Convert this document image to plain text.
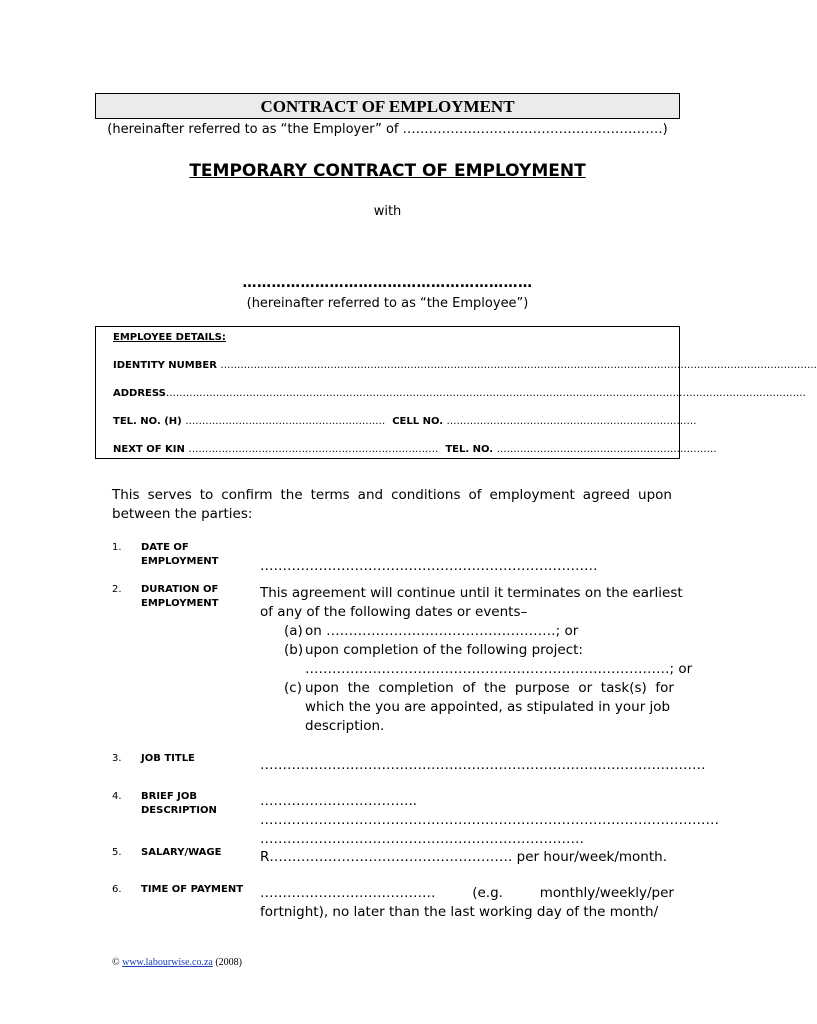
CONTRACT OF EMPLOYMENT
(hereinafter referred to as “the Employer” of ……………………………………………………)
TEMPORARY CONTRACT OF EMPLOYMENT
with
……………………………………………………
(hereinafter referred to as “the Employee”)
EMPLOYEE DETAILS:
IDENTITY NUMBER ……………………………………………………………………………………………………………………………………………………………..
ADDRESS…………………………………………………………………………………………………………………………………………………………………………
TEL. NO. (H) …………………………………………………… CELL NO. …………………………………………………………………
NEXT OF KIN ………………………………………………………………… TEL. NO. …………………………………………………………
This serves to confirm the terms and conditions of employment agreed upon between the parties:
1. DATE OF EMPLOYMENT	…………………………………………………………………
2. DURATION OF EMPLOYMENT
This agreement will continue until it terminates on the earliest
of any of the following dates or events–
(a) on ……………………………………………; or
(b) upon completion of the following project:
………………………………………………………………………; or
(c) upon the completion of the purpose or task(s) for
which the you are appointed, as stipulated in your job
description.
3. JOB TITLE	………………………………………………………………………………………
4. BRIEF JOB DESCRIPTION
……………………………..
…………………………………………………………………………………………
………………………………………………………………
5. SALARY/WAGE	R……………………………………………… per hour/week/month.
6. TIME OF PAYMENT	………………………………… (e.g. monthly/weekly/per
fortnight), no later than the last working day of the month/
© www.labourwise.co.za (2008)
